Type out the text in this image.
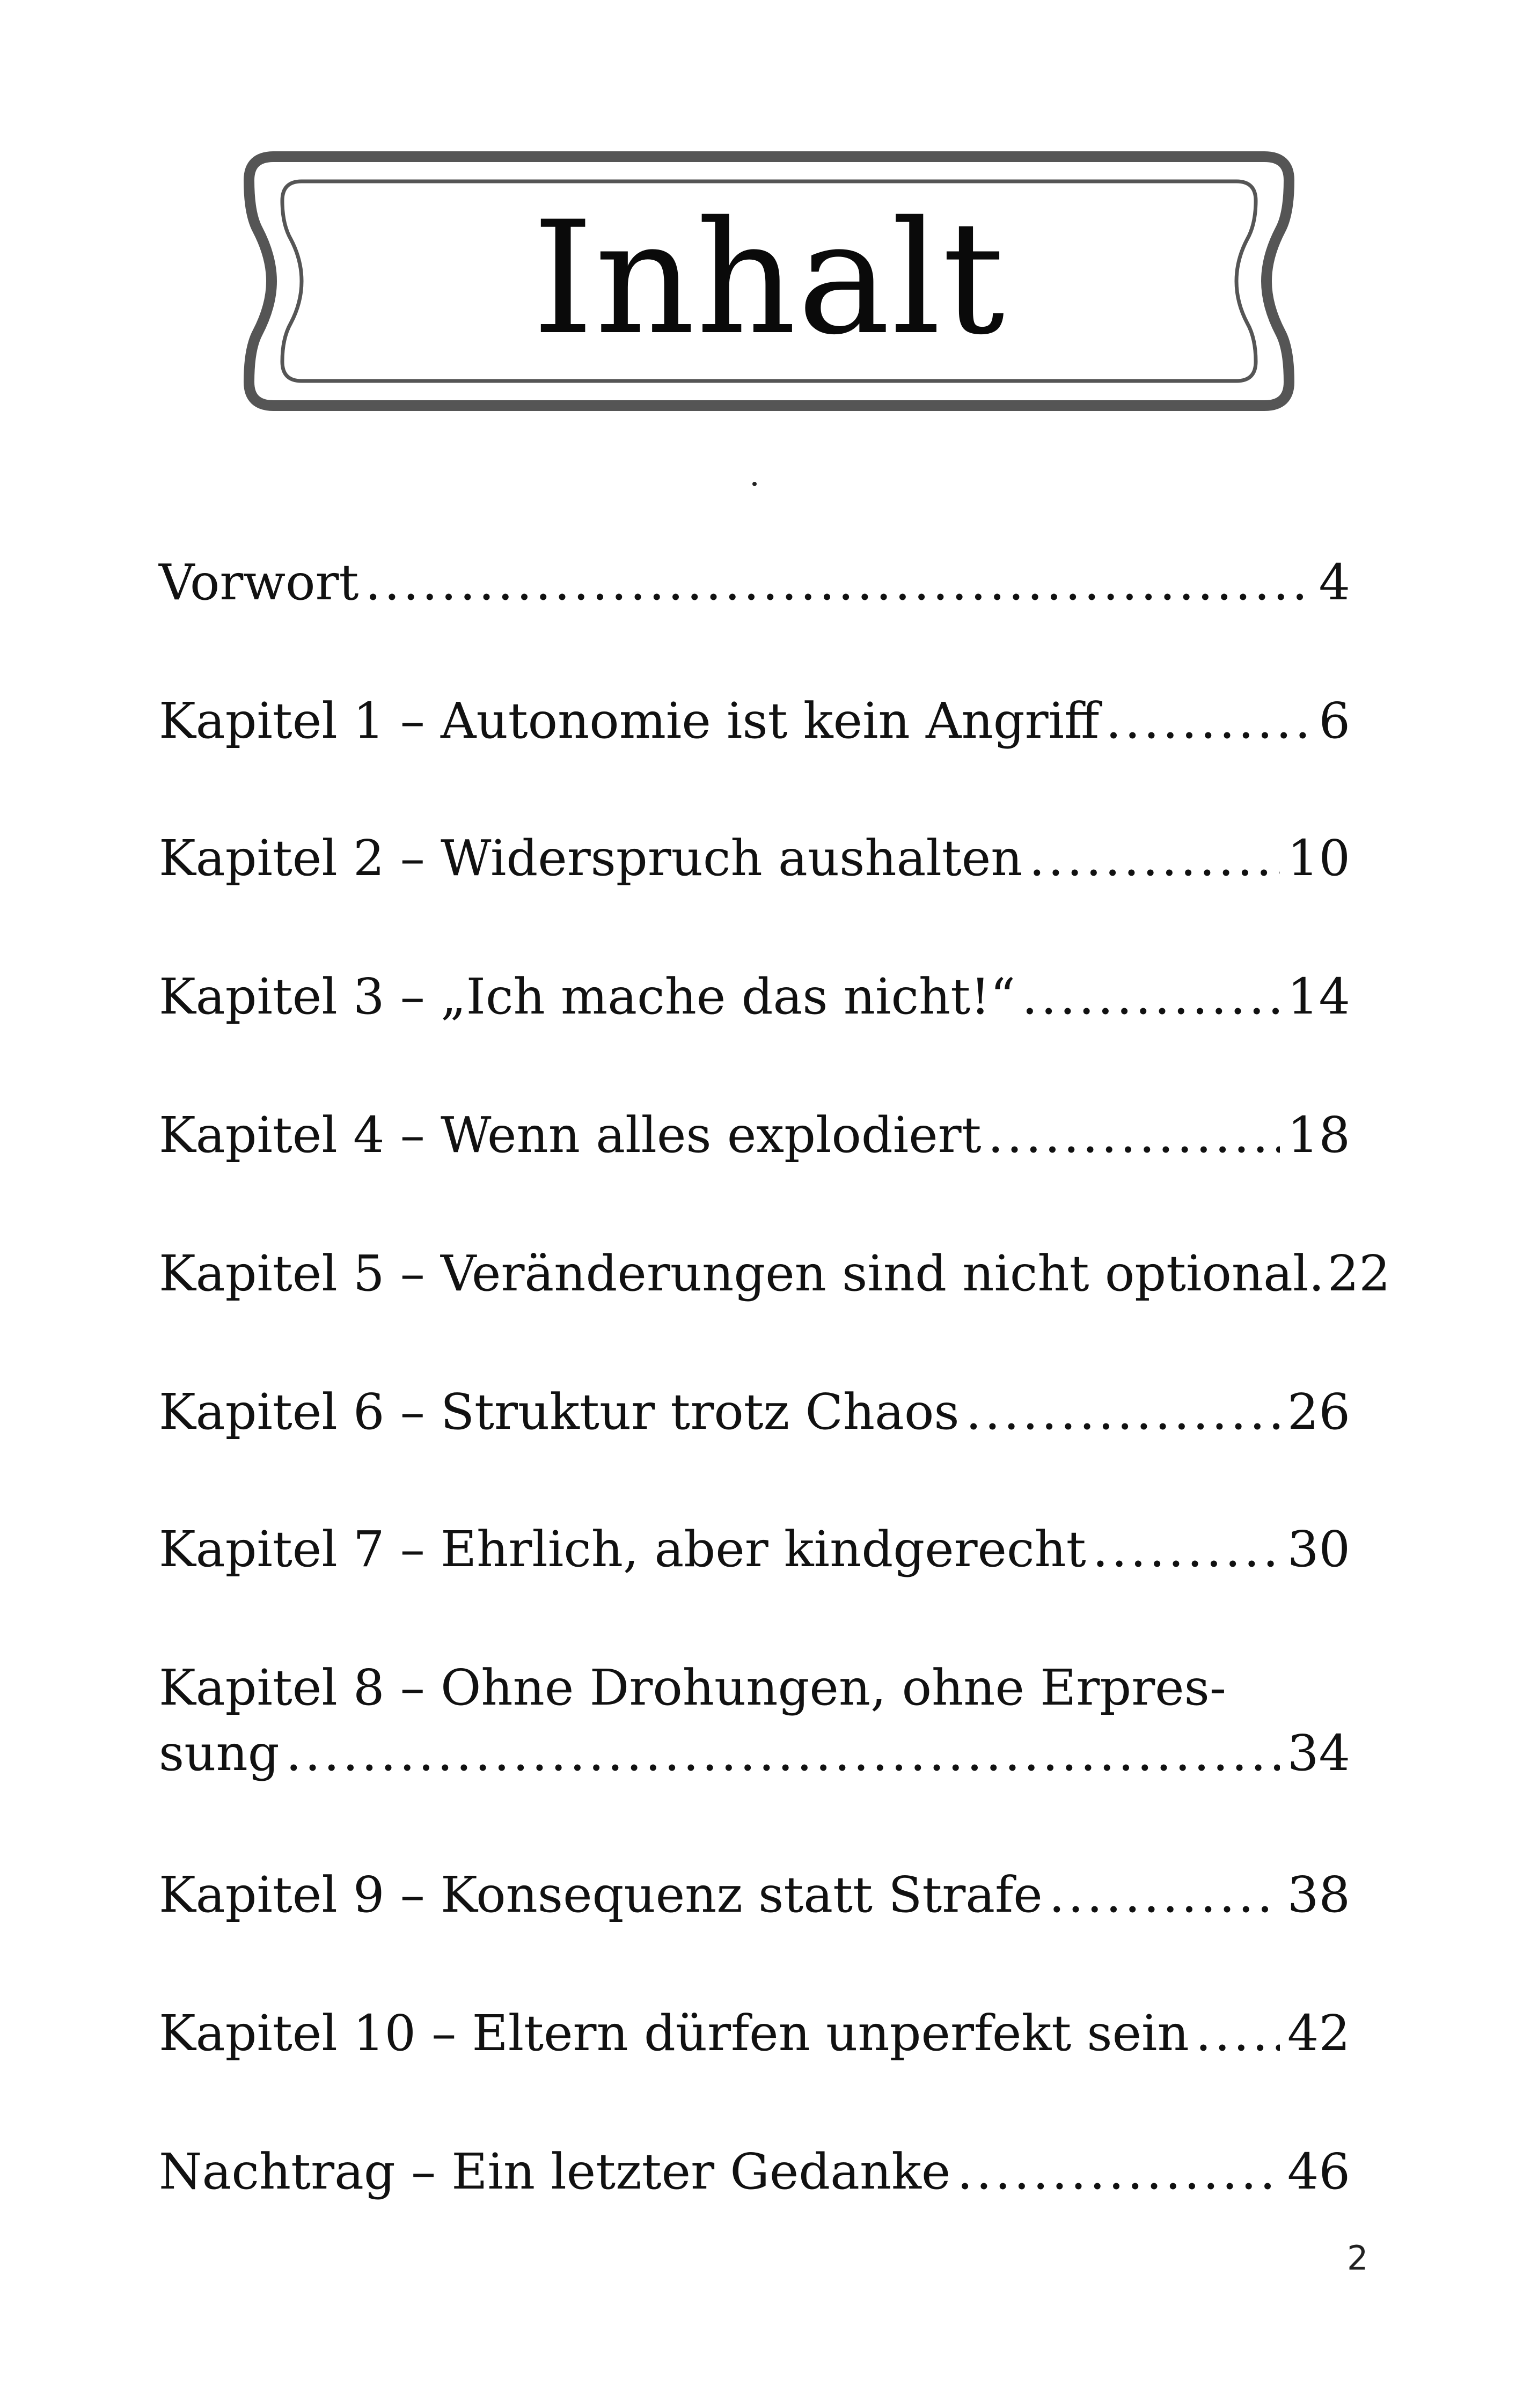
Inhalt
Vorwort .....	4
Kapitel 1 – Autonomie ist kein Angriff .....	6
Kapitel 2 – Widerspruch aushalten .....	10
Kapitel 3 – „Ich mache das nicht!“ .....	14
Kapitel 4 – Wenn alles explodiert .....	18
Kapitel 5 – Veränderungen sind nicht optional. 22
Kapitel 6 – Struktur trotz Chaos .....	26
Kapitel 7 – Ehrlich, aber kindgerecht .....	30
Kapitel 8 – Ohne Drohungen, ohne Erpres-
sung .....	34
Kapitel 9 – Konsequenz statt Strafe .....	38
Kapitel 10 – Eltern dürfen unperfekt sein ..... 42
Nachtrag – Ein letzter Gedanke .....	46
2
